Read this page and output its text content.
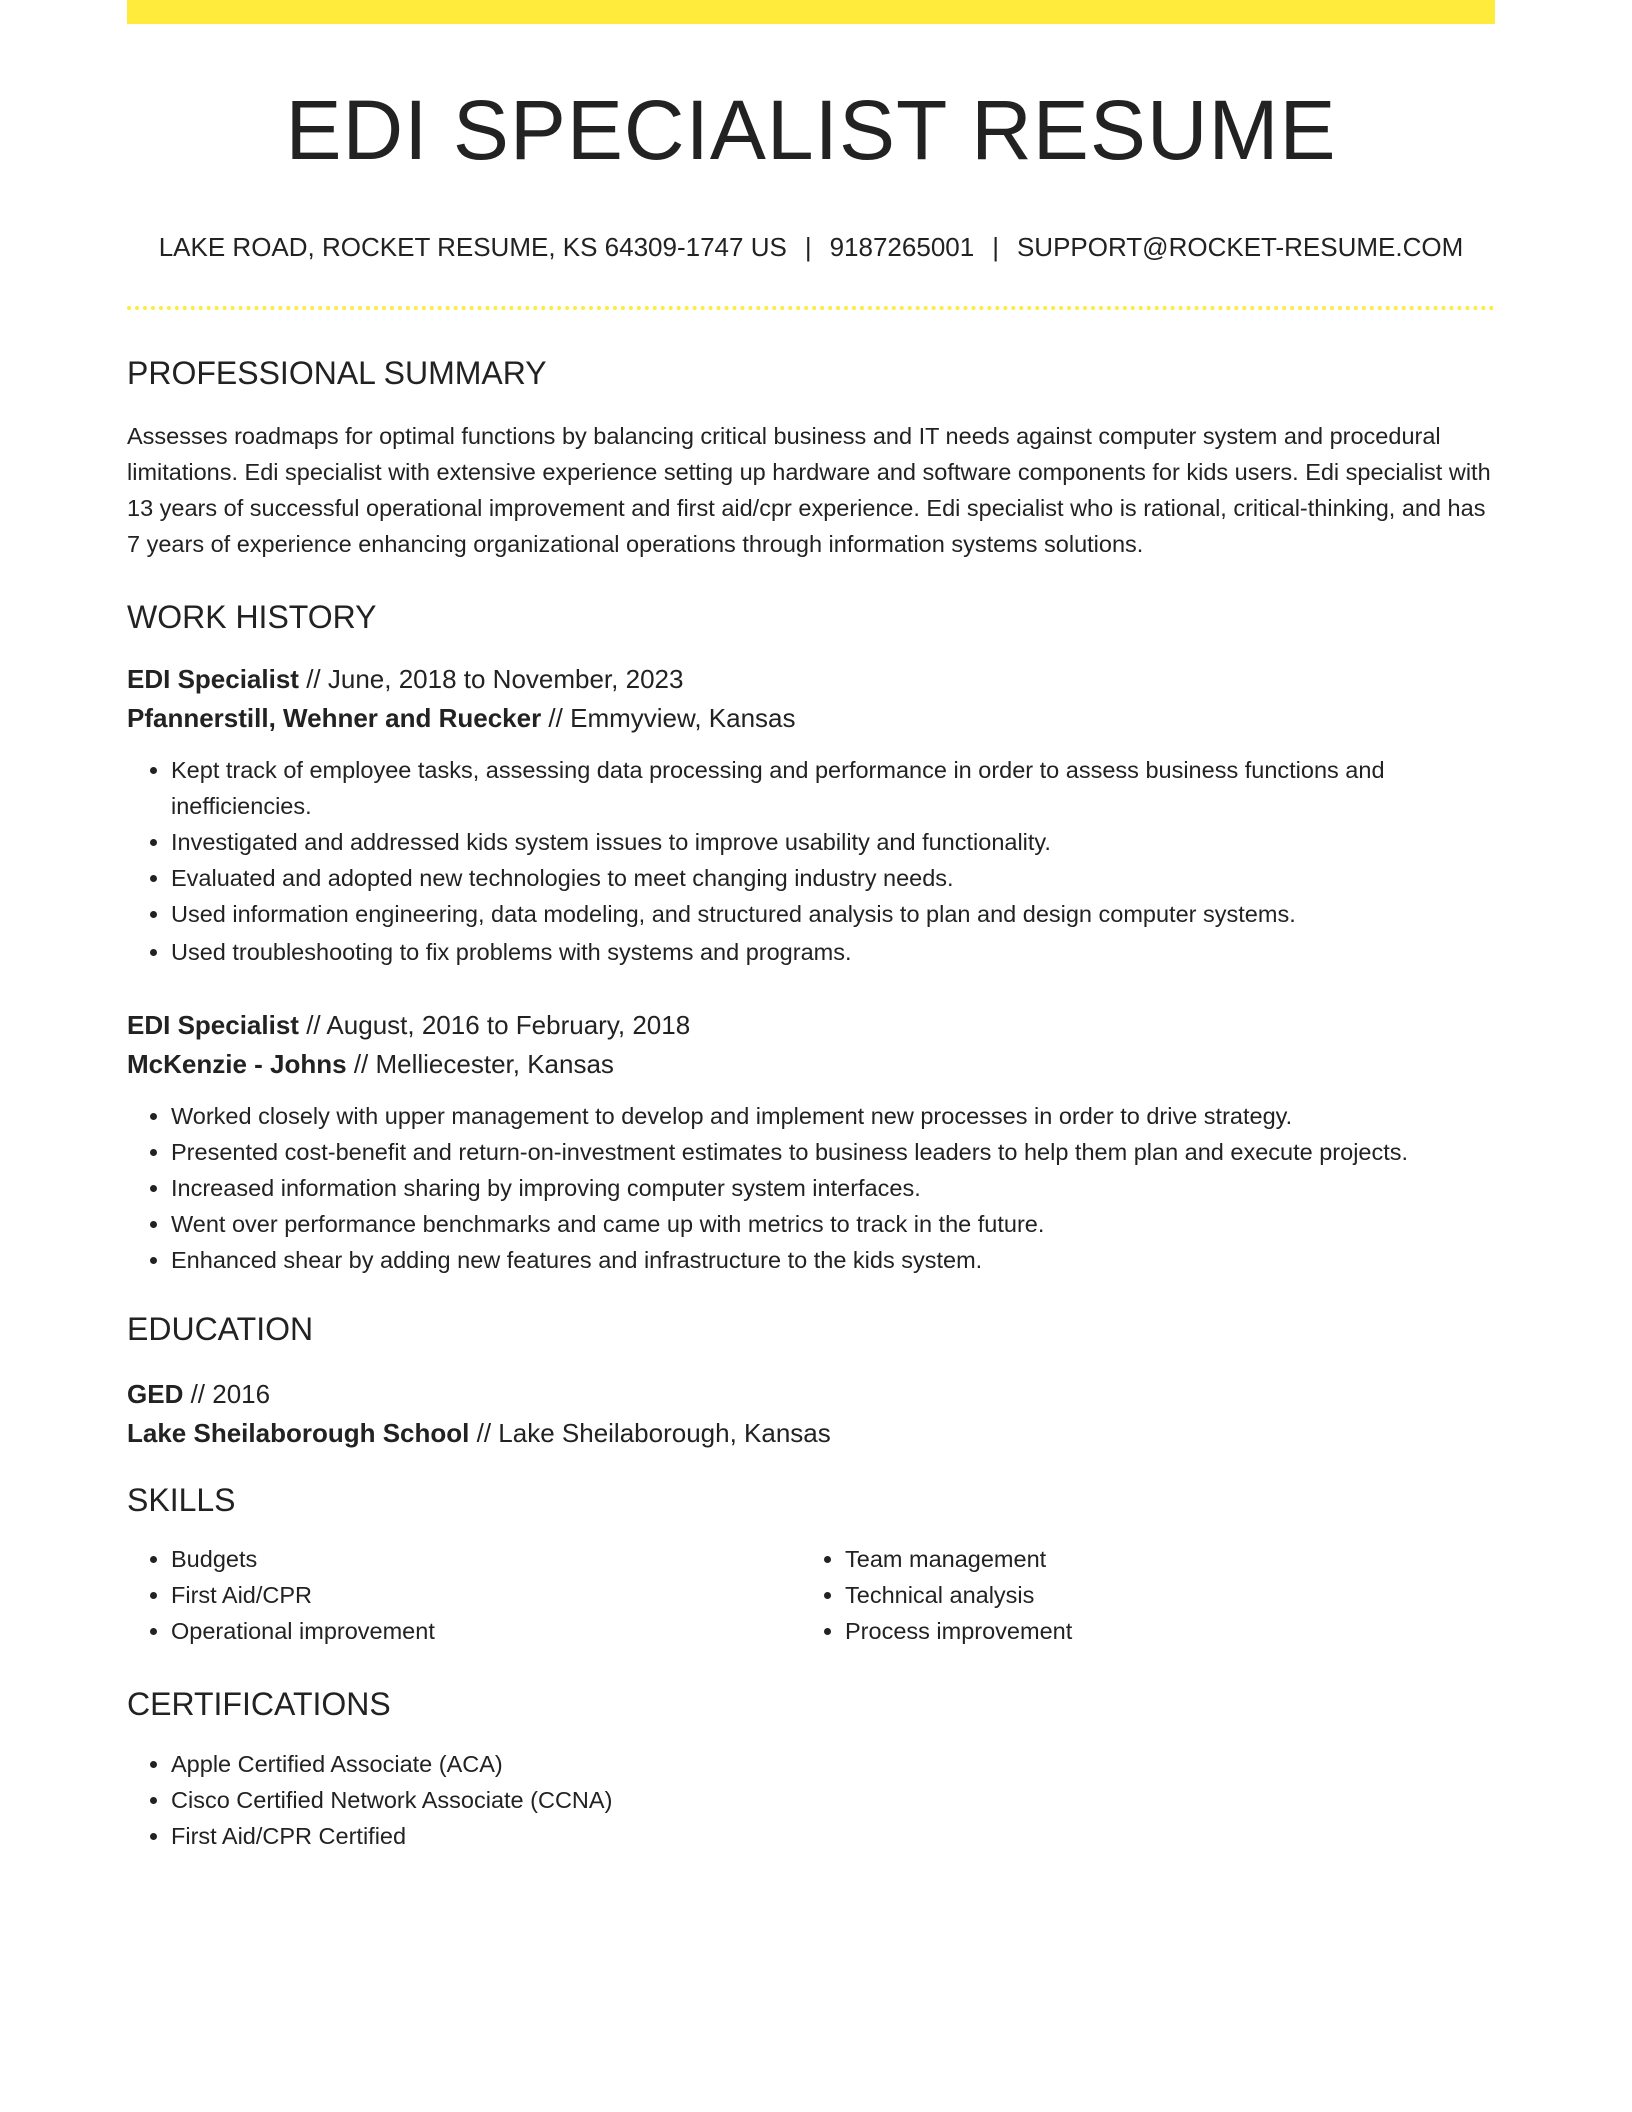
EDI SPECIALIST RESUME
LAKE ROAD, ROCKET RESUME, KS 64309-1747 US | 9187265001 | SUPPORT@ROCKET-RESUME.COM
PROFESSIONAL SUMMARY

Assesses roadmaps for optimal functions by balancing critical business and IT needs against computer system and procedural limitations. Edi specialist with extensive experience setting up hardware and software components for kids users. Edi specialist with 13 years of successful operational improvement and first aid/cpr experience. Edi specialist who is rational, critical-thinking, and has 7 years of experience enhancing organizational operations through information systems solutions.

WORK HISTORY

EDI Specialist // June, 2018 to November, 2023

Pfannerstill, Wehner and Ruecker // Emmyview, Kansas

• Kept track of employee tasks, assessing data processing and performance in order to assess business functions and inefficiencies.
• Investigated and addressed kids system issues to improve usability and functionality.
• Evaluated and adopted new technologies to meet changing industry needs.
• Used information engineering, data modeling, and structured analysis to plan and design computer systems.
• Used troubleshooting to fix problems with systems and programs.

EDI Specialist // August, 2016 to February, 2018

McKenzie - Johns // Melliecester, Kansas

• Worked closely with upper management to develop and implement new processes in order to drive strategy.
• Presented cost-benefit and return-on-investment estimates to business leaders to help them plan and execute projects.
• Increased information sharing by improving computer system interfaces.
• Went over performance benchmarks and came up with metrics to track in the future.
• Enhanced shear by adding new features and infrastructure to the kids system.
EDUCATION

GED // 2016

Lake Sheilaborough School // Lake Sheilaborough, Kansas

SKILLS
• Budgets
• First Aid/CPR
• Operational improvement
• Team management
• Technical analysis
• Process improvement
CERTIFICATIONS
• Apple Certified Associate (ACA)
• Cisco Certified Network Associate (CCNA)
• First Aid/CPR Certified
